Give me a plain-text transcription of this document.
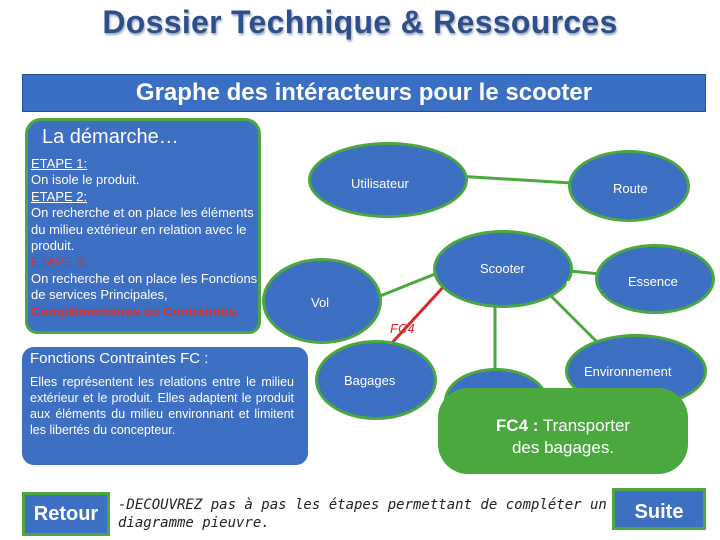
Dossier Technique & Ressources
Graphe des intéracteurs pour le scooter
La démarche…
ETAPE 1:
On isole le produit.
ETAPE 2:
On recherche et on place les éléments du milieu extérieur en relation avec le produit.
ETAPE 3:
On recherche et on place les Fonctions de services Principales, Complémentaires ou Contraintes.
Fonctions Contraintes FC :
Elles représentent les relations entre le milieu extérieur et le produit. Elles adaptent le produit aux éléments du milieu environnant et limitent les libertés du concepteur.
Utilisateur	Route
Scooter
Essence
Vol
Bagages
Environnement
FP1
FC1
FC2
FC3
FC4
FC4 : Transporter
des bagages.
Retour	-DECOUVREZ pas à pas les étapes permettant de compléter un diagramme pieuvre.	Suite
